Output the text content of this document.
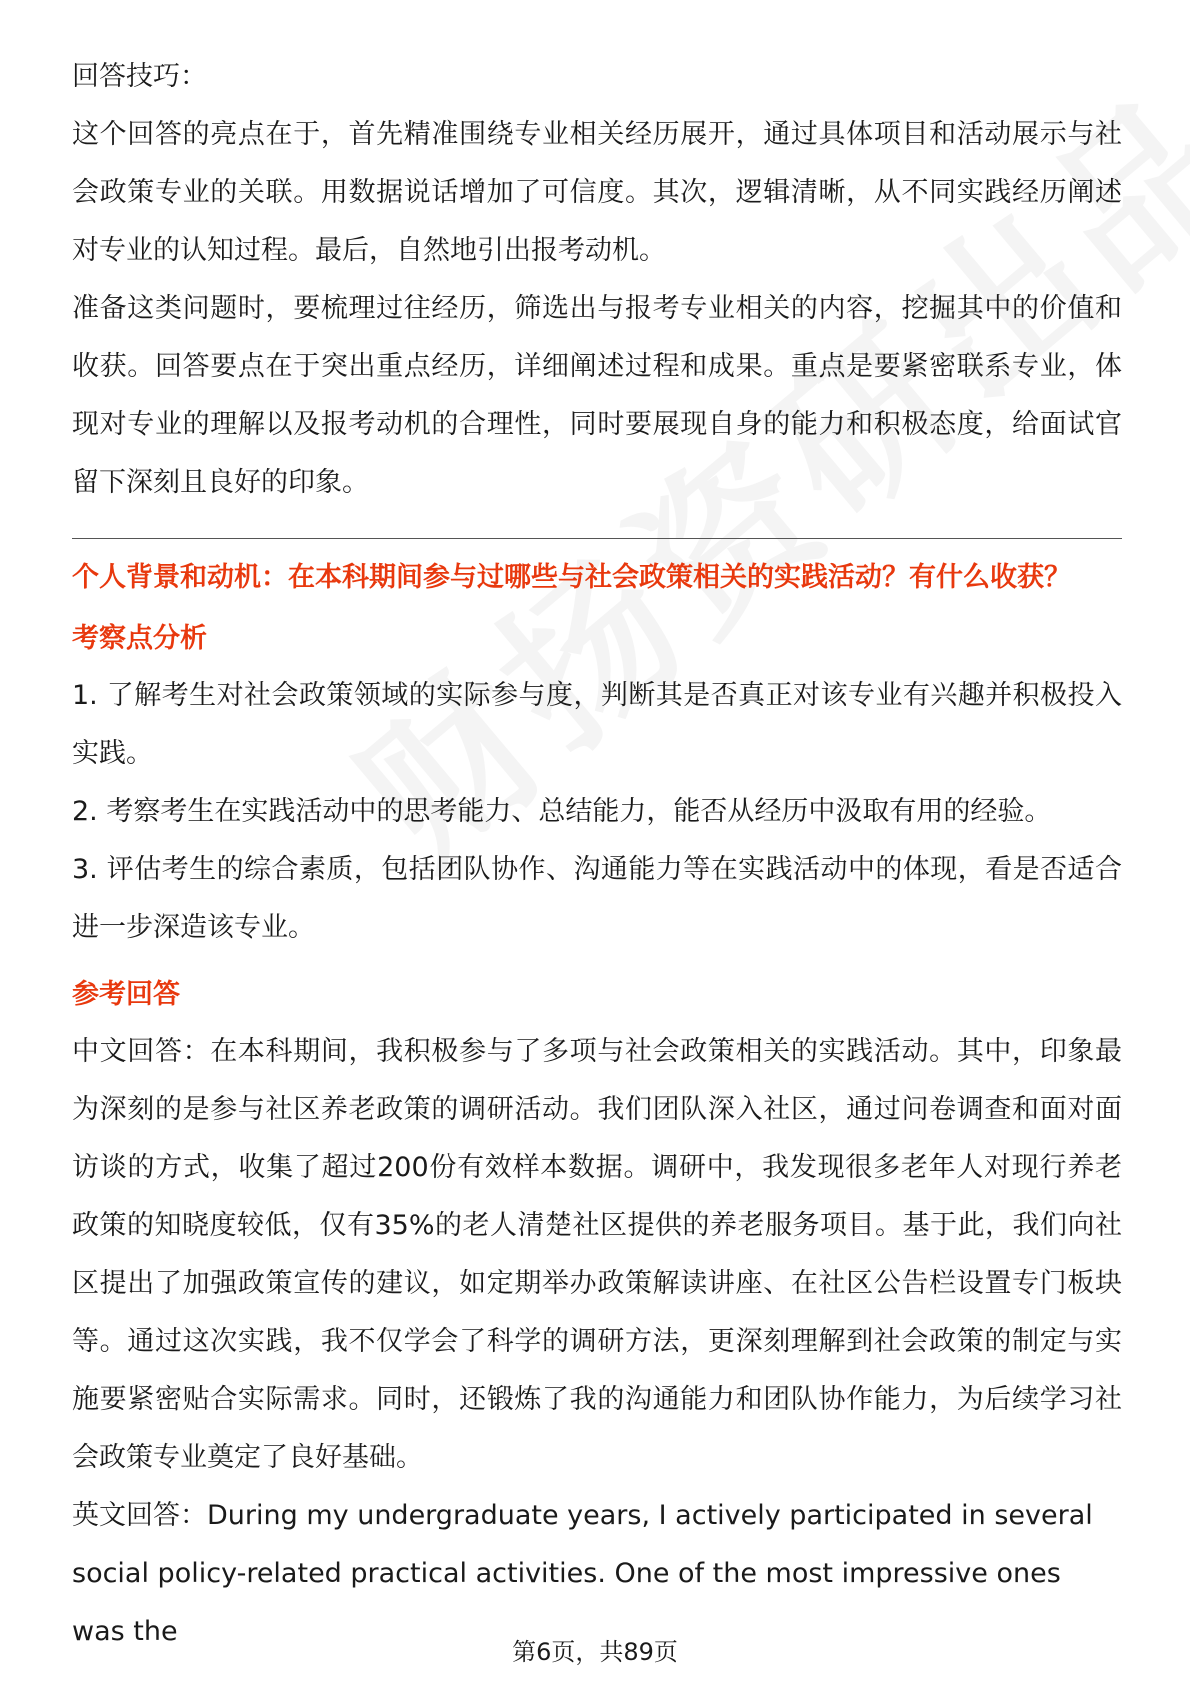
回答技巧：

这个回答的亮点在于，首先精准围绕专业相关经历展开，通过具体项目和活动展示与社会政策专业的关联。用数据说话增加了可信度。其次，逻辑清晰，从不同实践经历阐述对专业的认知过程。最后，自然地引出报考动机。

准备这类问题时，要梳理过往经历，筛选出与报考专业相关的内容，挖掘其中的价值和收获。回答要点在于突出重点经历，详细阐述过程和成果。重点是要紧密联系专业，体现对专业的理解以及报考动机的合理性，同时要展现自身的能力和积极态度，给面试官留下深刻且良好的印象。

个人背景和动机：在本科期间参与过哪些与社会政策相关的实践活动？有什么收获？

考察点分析

1. 了解考生对社会政策领域的实际参与度，判断其是否真正对该专业有兴趣并积极投入实践。

2. 考察考生在实践活动中的思考能力、总结能力，能否从经历中汲取有用的经验。

3. 评估考生的综合素质，包括团队协作、沟通能力等在实践活动中的体现，看是否适合进一步深造该专业。

参考回答

中文回答：在本科期间，我积极参与了多项与社会政策相关的实践活动。其中，印象最为深刻的是参与社区养老政策的调研活动。我们团队深入社区，通过问卷调查和面对面访谈的方式，收集了超过200份有效样本数据。调研中，我发现很多老年人对现行养老政策的知晓度较低，仅有35%的老人清楚社区提供的养老服务项目。基于此，我们向社区提出了加强政策宣传的建议，如定期举办政策解读讲座、在社区公告栏设置专门板块等。通过这次实践，我不仅学会了科学的调研方法，更深刻理解到社会政策的制定与实施要紧密贴合实际需求。同时，还锻炼了我的沟通能力和团队协作能力，为后续学习社会政策专业奠定了良好基础。

英文回答：During my undergraduate years, I actively participated in several social policy-related practical activities. One of the most impressive ones was the

第6页，共89页
